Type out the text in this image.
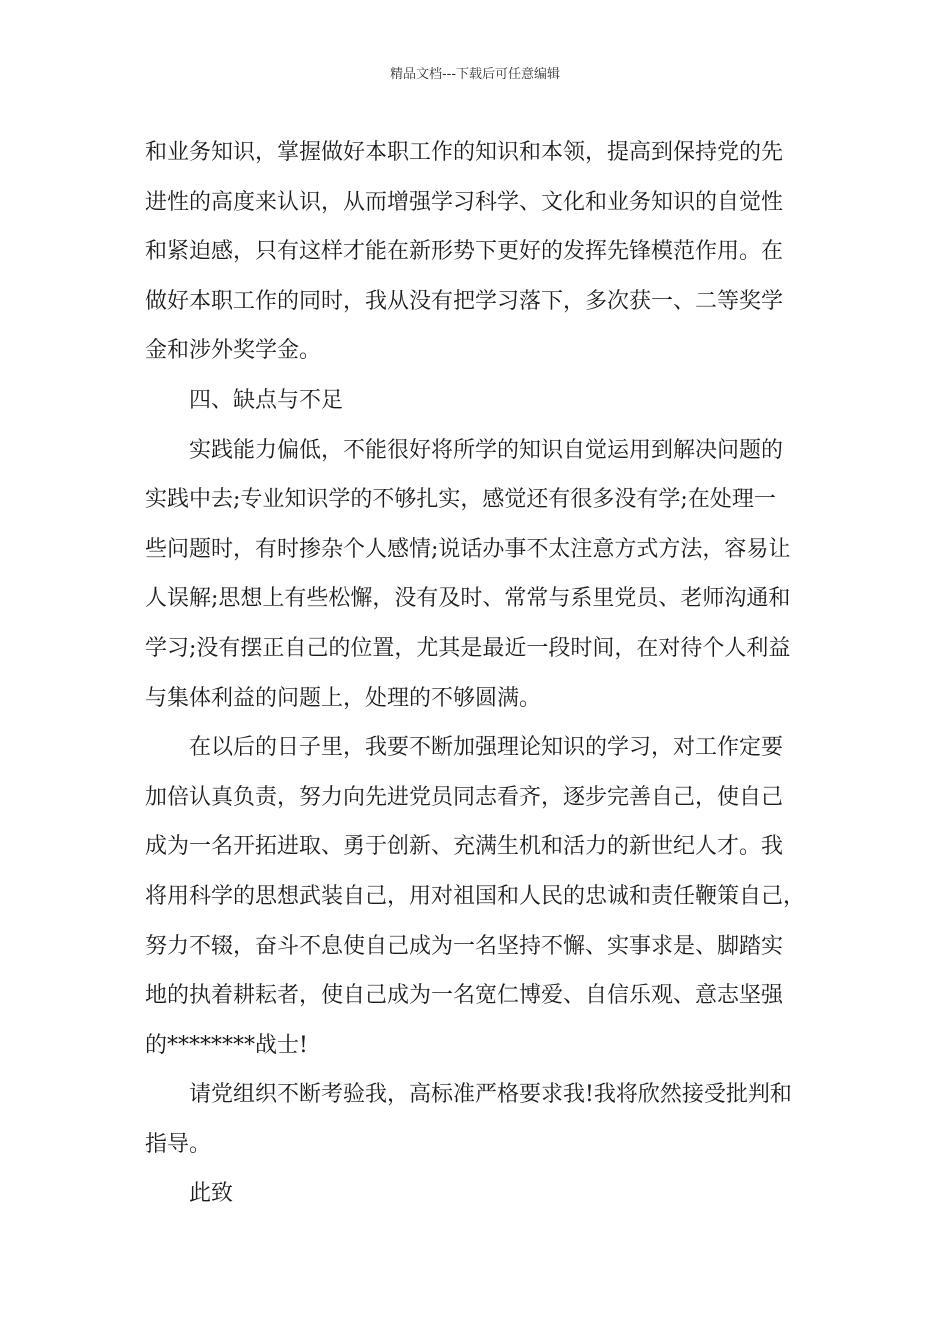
精品文档---下载后可任意编辑
和业务知识，掌握做好本职工作的知识和本领，提高到保持党的先
进性的高度来认识，从而增强学习科学、文化和业务知识的自觉性
和紧迫感，只有这样才能在新形势下更好的发挥先锋模范作用。在
做好本职工作的同时，我从没有把学习落下，多次获一、二等奖学
金和涉外奖学金。
四、缺点与不足
实践能力偏低，不能很好将所学的知识自觉运用到解决问题的
实践中去;专业知识学的不够扎实，感觉还有很多没有学;在处理一
些问题时，有时掺杂个人感情;说话办事不太注意方式方法，容易让
人误解;思想上有些松懈，没有及时、常常与系里党员、老师沟通和
学习;没有摆正自己的位置，尤其是最近一段时间，在对待个人利益
与集体利益的问题上，处理的不够圆满。
在以后的日子里，我要不断加强理论知识的学习，对工作定要
加倍认真负责，努力向先进党员同志看齐，逐步完善自己，使自己
成为一名开拓进取、勇于创新、充满生机和活力的新世纪人才。我
将用科学的思想武装自己，用对祖国和人民的忠诚和责任鞭策自己，
努力不辍，奋斗不息使自己成为一名坚持不懈、实事求是、脚踏实
地的执着耕耘者，使自己成为一名宽仁博爱、自信乐观、意志坚强
的********战士!
请党组织不断考验我，高标准严格要求我!我将欣然接受批判和
指导。
此致
